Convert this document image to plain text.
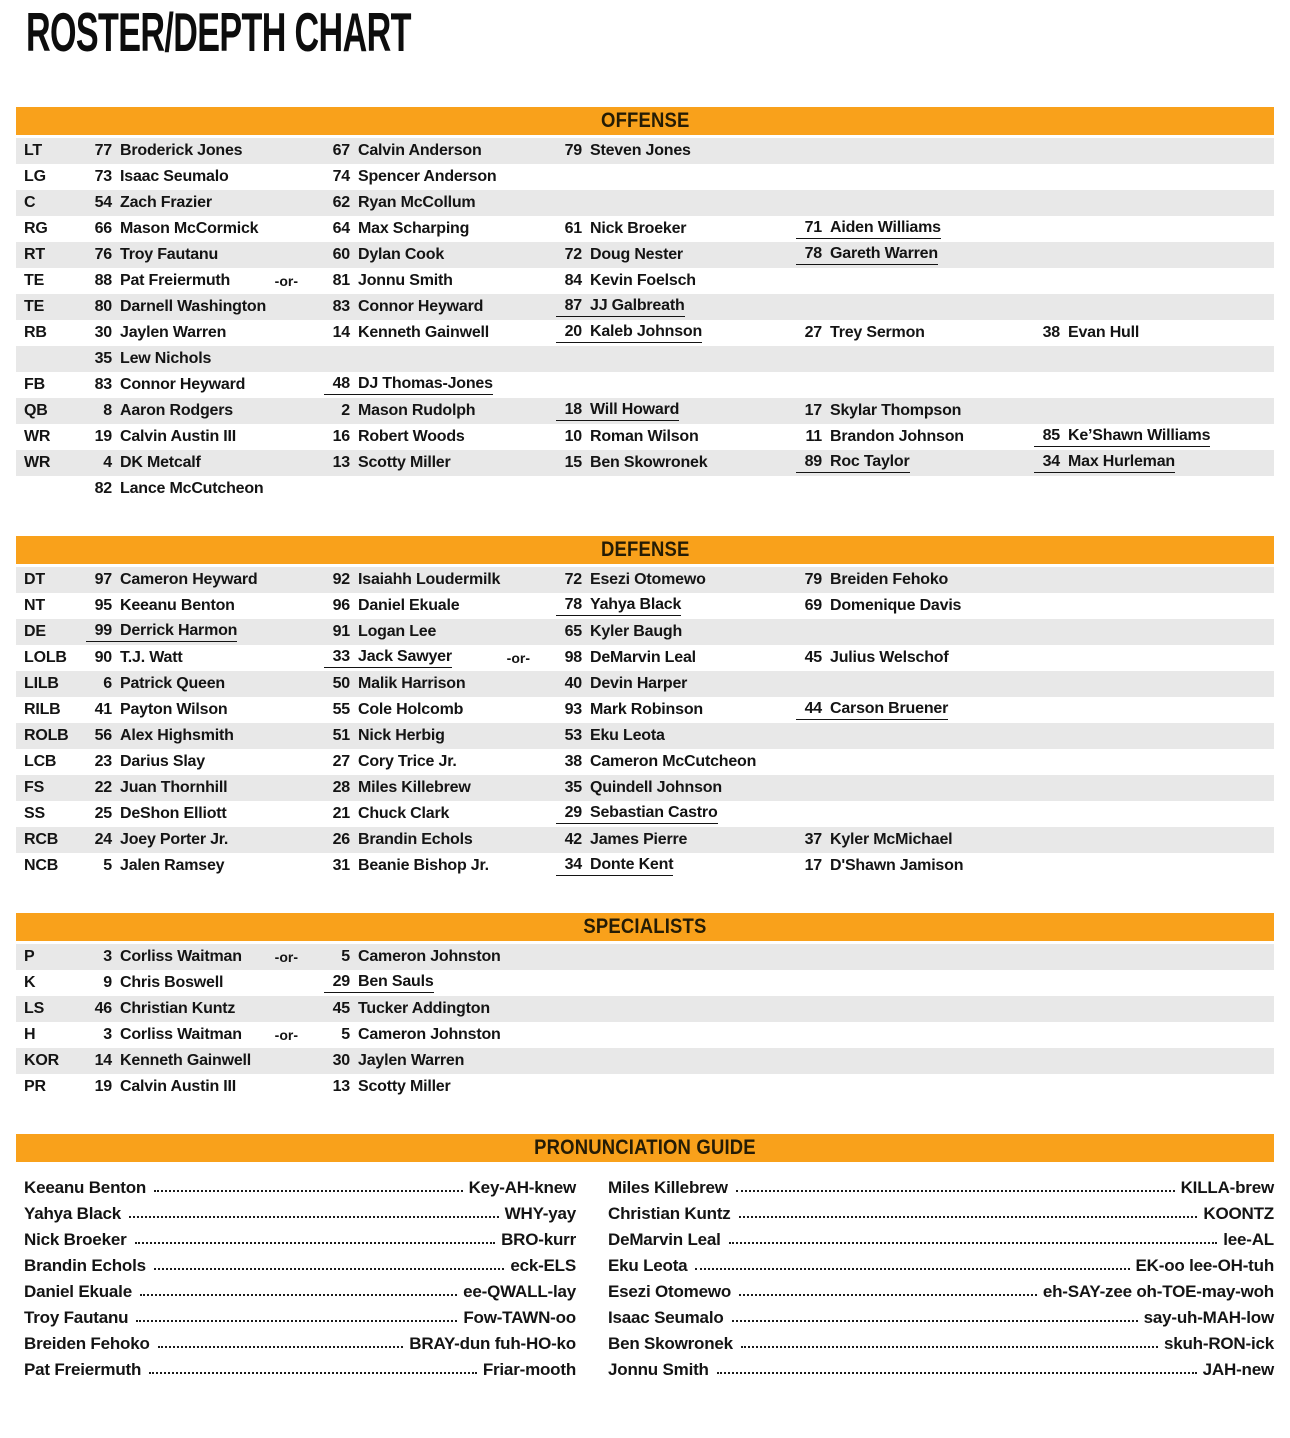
ROSTER/DEPTH CHART
OFFENSE
LT	77 Broderick Jones	67 Calvin Anderson	79 Steven Jones
LG	73 Isaac Seumalo	74 Spencer Anderson
C	54 Zach Frazier	62 Ryan McCollum
RG	66 Mason McCormick	64 Max Scharping	61 Nick Broeker	71 Aiden Williams
RT	76 Troy Fautanu	60 Dylan Cook	72 Doug Nester	78 Gareth Warren
TE	88 Pat Freiermuth	-or-	81 Jonnu Smith	84 Kevin Foelsch
TE	80 Darnell Washington	83 Connor Heyward	87 JJ Galbreath
RB	30 Jaylen Warren	14 Kenneth Gainwell	20 Kaleb Johnson	27 Trey Sermon	38 Evan Hull
35 Lew Nichols
FB	83 Connor Heyward	48 DJ Thomas-Jones
QB	8 Aaron Rodgers	2 Mason Rudolph	18 Will Howard	17 Skylar Thompson
WR	19 Calvin Austin III	16 Robert Woods	10 Roman Wilson	11 Brandon Johnson	85 Ke’Shawn Williams
WR	4 DK Metcalf	13 Scotty Miller	15 Ben Skowronek	89 Roc Taylor	34 Max Hurleman
82 Lance McCutcheon
DEFENSE
DT	97 Cameron Heyward	92 Isaiahh Loudermilk	72 Esezi Otomewo	79 Breiden Fehoko
NT	95 Keeanu Benton	96 Daniel Ekuale	78 Yahya Black	69 Domenique Davis
DE	99 Derrick Harmon	91 Logan Lee	65 Kyler Baugh
LOLB	90 T.J. Watt	33 Jack Sawyer	-or-	98 DeMarvin Leal	45 Julius Welschof
LILB	6 Patrick Queen	50 Malik Harrison	40 Devin Harper
RILB	41 Payton Wilson	55 Cole Holcomb	93 Mark Robinson	44 Carson Bruener
ROLB	56 Alex Highsmith	51 Nick Herbig	53 Eku Leota
LCB	23 Darius Slay	27 Cory Trice Jr.	38 Cameron McCutcheon
FS	22 Juan Thornhill	28 Miles Killebrew	35 Quindell Johnson
SS	25 DeShon Elliott	21 Chuck Clark	29 Sebastian Castro
RCB	24 Joey Porter Jr.	26 Brandin Echols	42 James Pierre	37 Kyler McMichael
NCB	5 Jalen Ramsey	31 Beanie Bishop Jr.	34 Donte Kent	17 D'Shawn Jamison
SPECIALISTS
P	3 Corliss Waitman -or-	5 Cameron Johnston
K	9 Chris Boswell	29 Ben Sauls
LS	46 Christian Kuntz	45 Tucker Addington
H	3 Corliss Waitman -or-	5 Cameron Johnston
KOR	14 Kenneth Gainwell	30 Jaylen Warren
PR	19 Calvin Austin III	13 Scotty Miller
PRONUNCIATION GUIDE
Keeanu Benton	Key-AH-knew
Yahya Black	WHY-yay
Nick Broeker	BRO-kurr
Brandin Echols	eck-ELS
Daniel Ekuale	ee-QWALL-lay
Troy Fautanu	Fow-TAWN-oo
Breiden Fehoko	BRAY-dun fuh-HO-ko
Pat Freiermuth	Friar-mooth
Miles Killebrew	KILLA-brew
Christian Kuntz	KOONTZ
DeMarvin Leal	lee-AL
Eku Leota	EK-oo lee-OH-tuh
Esezi Otomewo	eh-SAY-zee oh-TOE-may-woh
Isaac Seumalo	say-uh-MAH-low
Ben Skowronek	skuh-RON-ick
Jonnu Smith	JAH-new
